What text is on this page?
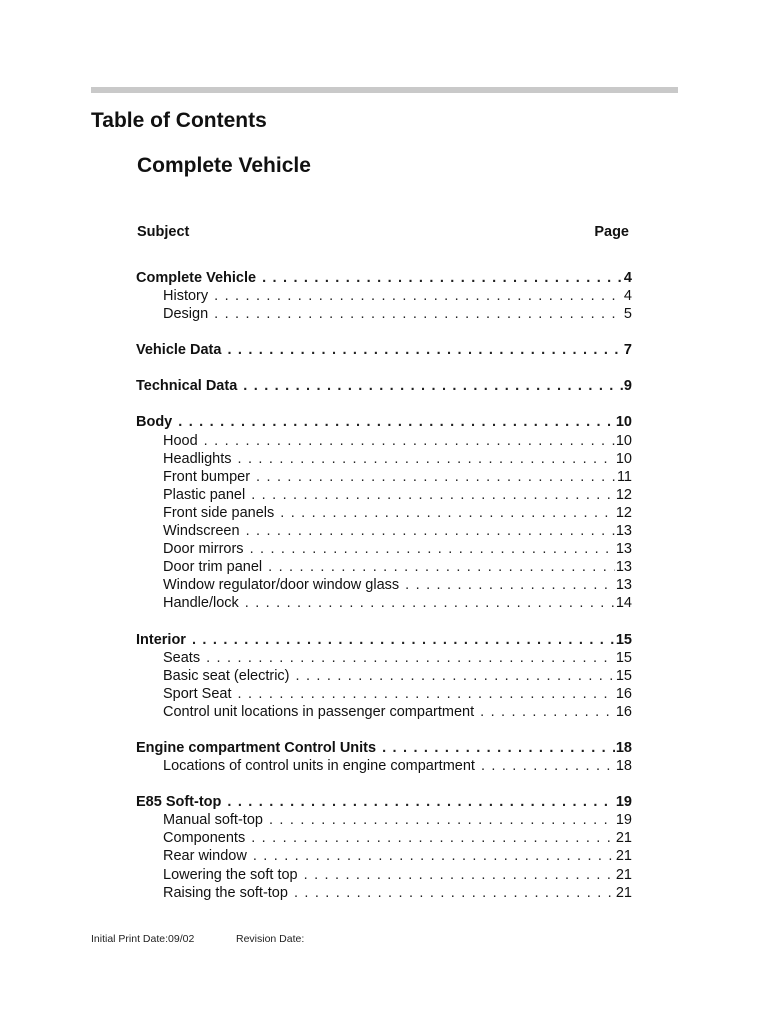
Table of Contents
Complete Vehicle
Subject	Page
Complete Vehicle . . .	4
History . . .	4
Design . . .	5
Vehicle Data . . .	7
Technical Data . . .	9
Body . . .	10
Hood . . .	10
Headlights . . .	10
Front bumper . . .	11
Plastic panel . . .	12
Front side panels . . .	12
Windscreen . . .	13
Door mirrors . . .	13
Door trim panel . . .	13
Window regulator/door window glass . . .	13
Handle/lock . . .	14
Interior . . .	15
Seats . . .	15
Basic seat (electric) . . .	15
Sport Seat . . .	16
Control unit locations in passenger compartment . . .	16
Engine compartment Control Units . . .	18
Locations of control units in engine compartment . . .	18
E85 Soft-top . . .	19
Manual soft-top . . .	19
Components . . .	21
Rear window . . .	21
Lowering the soft top . . .	21
Raising the soft-top . . .	21
Initial Print Date:09/02	Revision Date:
